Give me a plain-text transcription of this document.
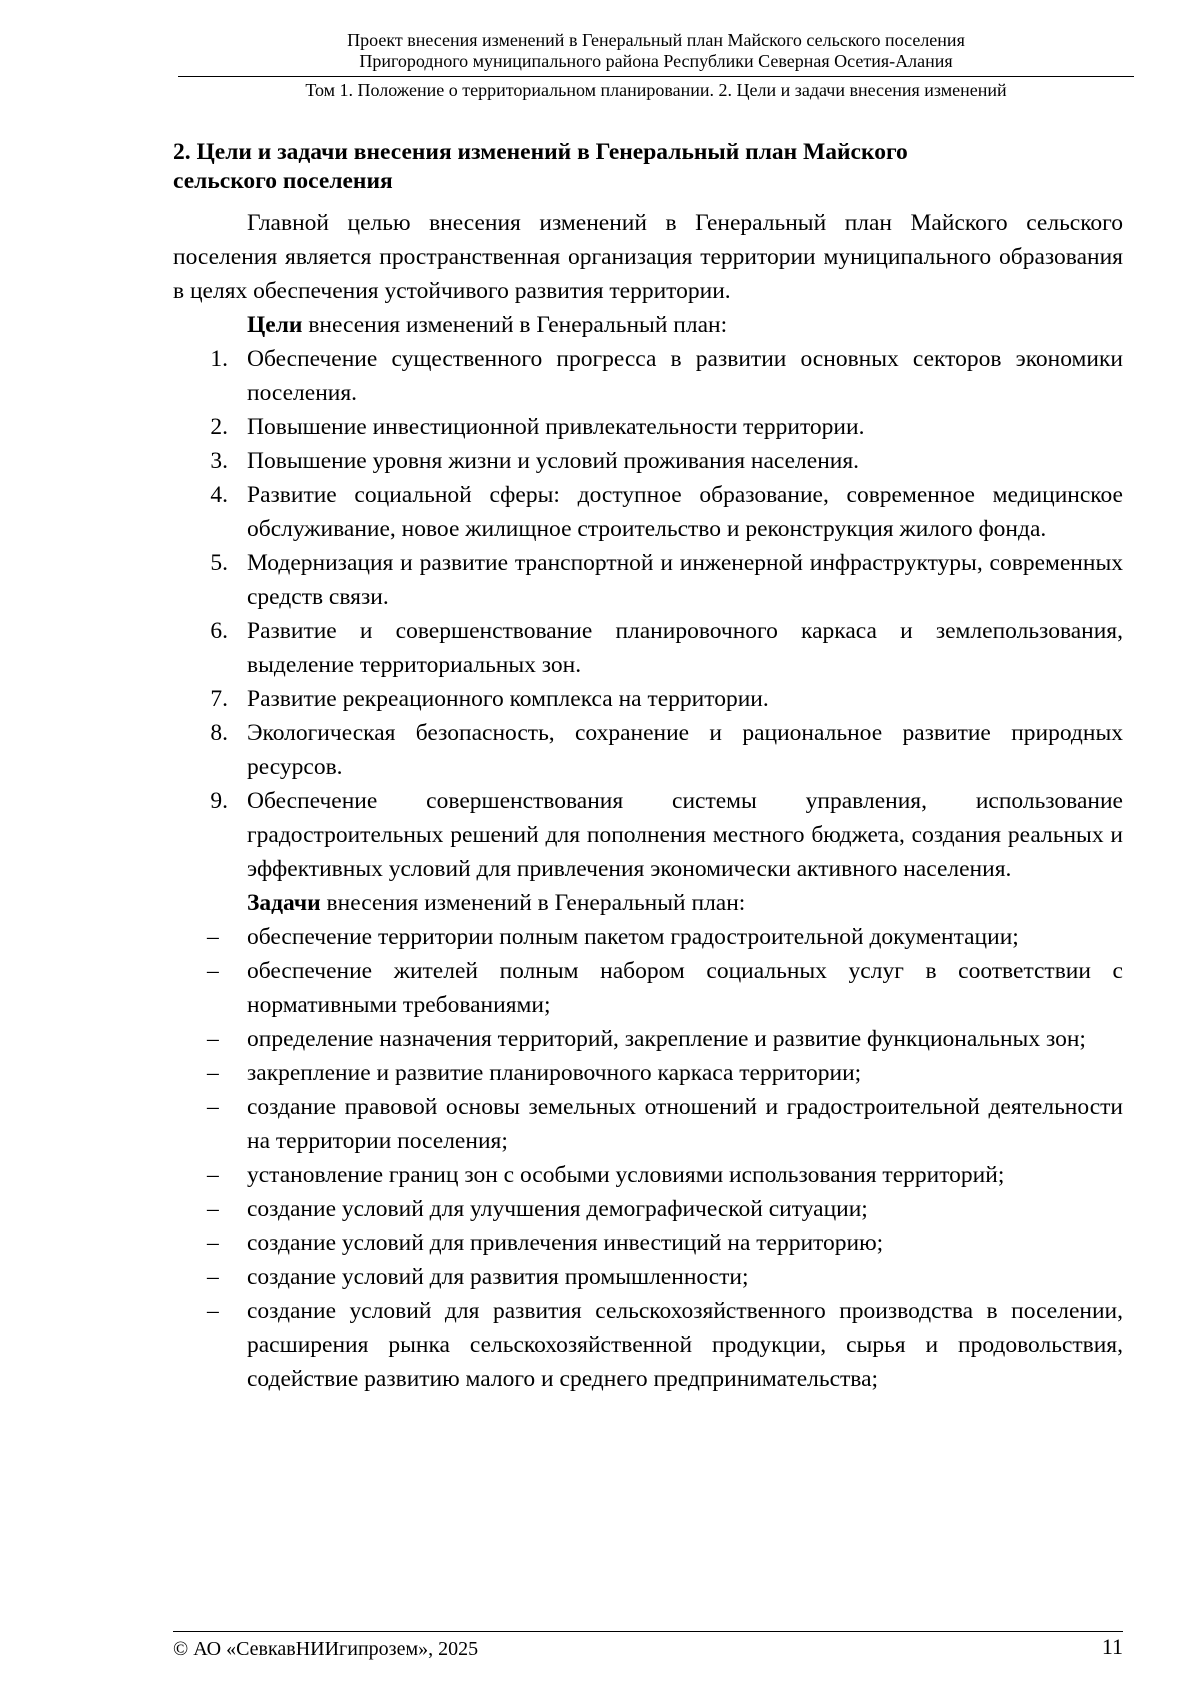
Проект внесения изменений в Генеральный план Майского сельского поселения
Пригородного муниципального района Республики Северная Осетия-Алания
Том 1. Положение о территориальном планировании. 2. Цели и задачи внесения изменений
2. Цели и задачи внесения изменений в Генеральный план Майского сельского поселения

Главной целью внесения изменений в Генеральный план Майского сельского поселения является пространственная организация территории муниципального образования в целях обеспечения устойчивого развития территории.

Цели внесения изменений в Генеральный план:

1. Обеспечение существенного прогресса в развитии основных секторов экономики поселения.
2. Повышение инвестиционной привлекательности территории.
3. Повышение уровня жизни и условий проживания населения.
4. Развитие социальной сферы: доступное образование, современное медицинское обслуживание, новое жилищное строительство и реконструкция жилого фонда.
5. Модернизация и развитие транспортной и инженерной инфраструктуры, современных средств связи.
6. Развитие и совершенствование планировочного каркаса и землепользования, выделение территориальных зон.
7. Развитие рекреационного комплекса на территории.
8. Экологическая безопасность, сохранение и рациональное развитие природных ресурсов.
9. Обеспечение совершенствования системы управления, использование градостроительных решений для пополнения местного бюджета, создания реальных и эффективных условий для привлечения экономически активного населения.

Задачи внесения изменений в Генеральный план:

– обеспечение территории полным пакетом градостроительной документации;
– обеспечение жителей полным набором социальных услуг в соответствии с нормативными требованиями;
– определение назначения территорий, закрепление и развитие функциональных зон;
– закрепление и развитие планировочного каркаса территории;
– создание правовой основы земельных отношений и градостроительной деятельности на территории поселения;
– установление границ зон с особыми условиями использования территорий;
– создание условий для улучшения демографической ситуации;
– создание условий для привлечения инвестиций на территорию;
– создание условий для развития промышленности;
– создание условий для развития сельскохозяйственного производства в поселении, расширения рынка сельскохозяйственной продукции, сырья и продовольствия, содействие развитию малого и среднего предпринимательства;
© АО «СевкавНИИгипрозем», 2025	11
